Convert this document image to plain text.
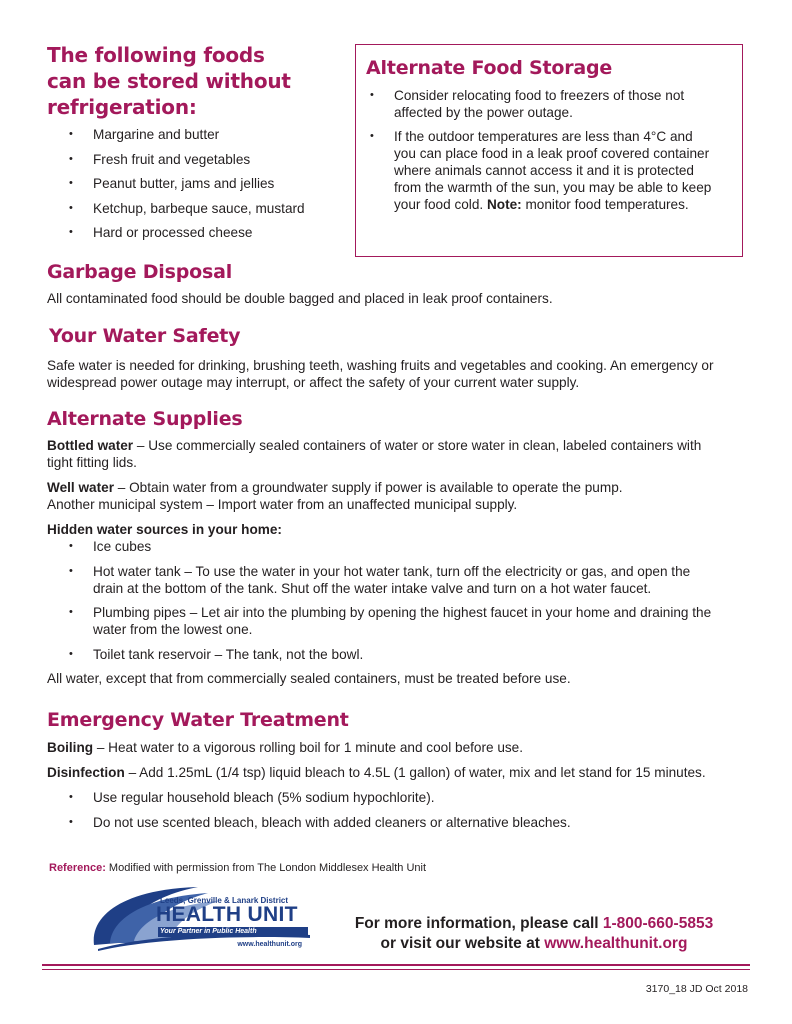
The following foods
can be stored without
refrigeration:
• Margarine and butter
• Fresh fruit and vegetables
• Peanut butter, jams and jellies
• Ketchup, barbeque sauce, mustard
• Hard or processed cheese
Alternate Food Storage
• Consider relocating food to freezers of those not affected by the power outage.
• If the outdoor temperatures are less than 4°C and you can place food in a leak proof covered container where animals cannot access it and it is protected from the warmth of the sun, you may be able to keep your food cold. Note: monitor food temperatures.
Garbage Disposal

All contaminated food should be double bagged and placed in leak proof containers.

Your Water Safety

Safe water is needed for drinking, brushing teeth, washing fruits and vegetables and cooking. An emergency or widespread power outage may interrupt, or affect the safety of your current water supply.

Alternate Supplies

Bottled water – Use commercially sealed containers of water or store water in clean, labeled containers with tight fitting lids.

Well water – Obtain water from a groundwater supply if power is available to operate the pump.

Another municipal system – Import water from an unaffected municipal supply.

Hidden water sources in your home:

• Ice cubes
• Hot water tank – To use the water in your hot water tank, turn off the electricity or gas, and open the drain at the bottom of the tank. Shut off the water intake valve and turn on a hot water faucet.
• Plumbing pipes – Let air into the plumbing by opening the highest faucet in your home and draining the water from the lowest one.
• Toilet tank reservoir – The tank, not the bowl.

All water, except that from commercially sealed containers, must be treated before use.

Emergency Water Treatment

Boiling – Heat water to a vigorous rolling boil for 1 minute and cool before use.

Disinfection – Add 1.25mL (1/4 tsp) liquid bleach to 4.5L (1 gallon) of water, mix and let stand for 15 minutes.

• Use regular household bleach (5% sodium hypochlorite).
• Do not use scented bleach, bleach with added cleaners or alternative bleaches.

Reference: Modified with permission from The London Middlesex Health Unit

Leeds, Grenville & Lanark District
HEALTH UNIT
Your Partner in Public Health
www.healthunit.org
For more information, please call 1-800-660-5853
or visit our website at www.healthunit.org
3170_18 JD Oct 2018
